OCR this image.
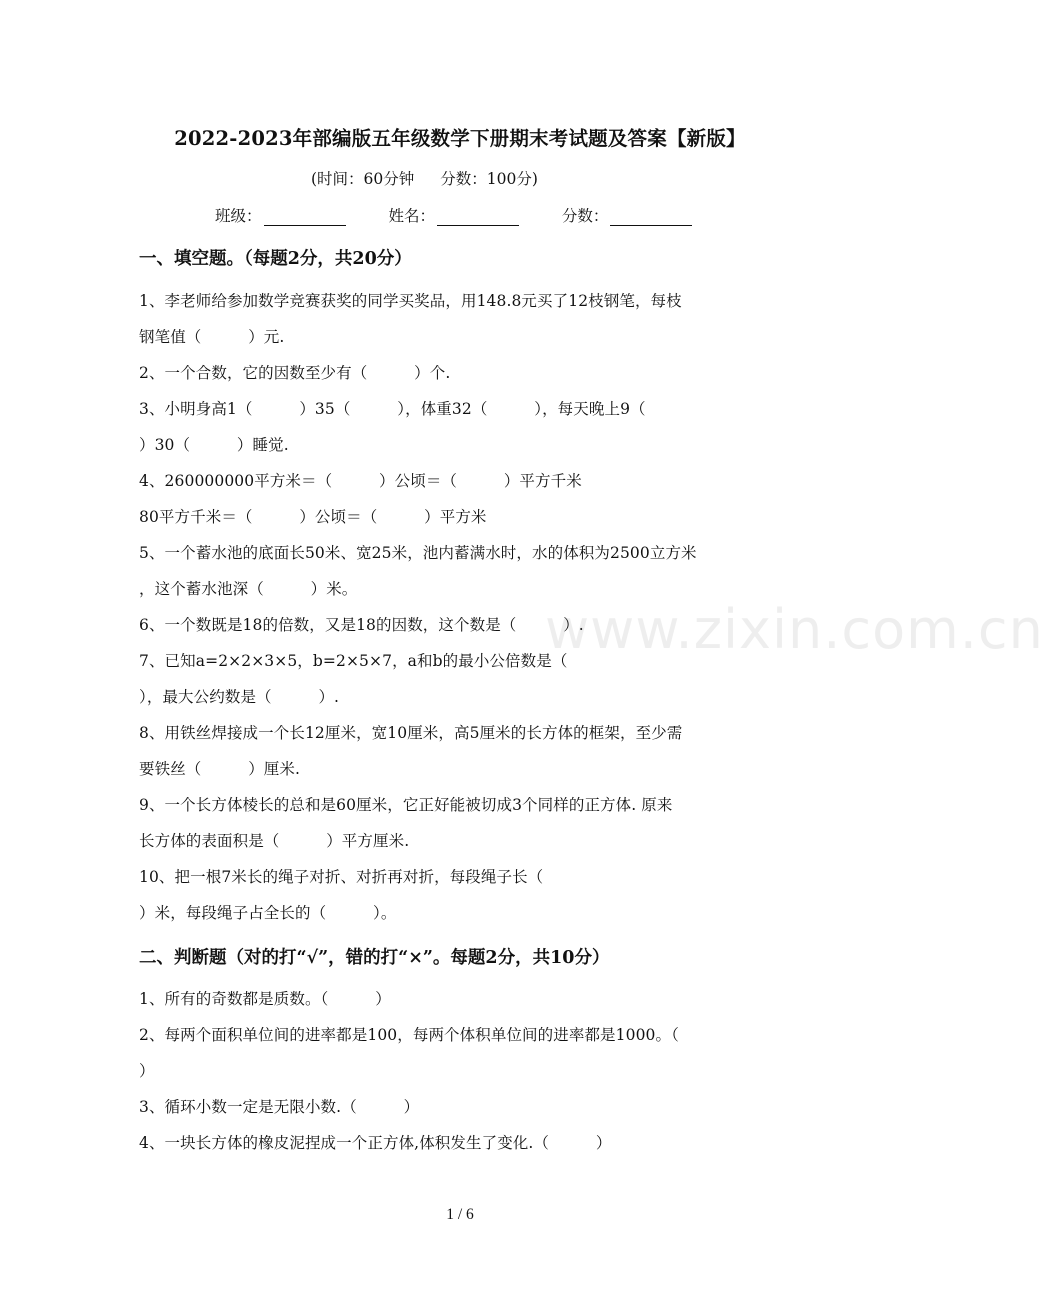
2022-2023年部编版五年级数学下册期末考试题及答案【新版】
(时间：60分钟 分数：100分)
班级：	姓名：	分数：
一、填空题。（每题2分，共20分）
1、李老师给参加数学竞赛获奖的同学买奖品，用148.8元买了12枝钢笔，每枝
钢笔值（　　　）元.
2、一个合数，它的因数至少有（　　　）个.
3、小明身高1（　　　）35（　　　），体重32（　　　），每天晚上9（
）30（　　　）睡觉.
4、260000000平方米＝（　　　）公顷＝（　　　）平方千米
80平方千米＝（　　　）公顷＝（　　　）平方米
5、一个蓄水池的底面长50米、宽25米，池内蓄满水时，水的体积为2500立方米
，这个蓄水池深（　　　）米。
6、一个数既是18的倍数，又是18的因数，这个数是（　　　）.
7、已知a=2×2×3×5，b=2×5×7，a和b的最小公倍数是（
），最大公约数是（　　　）.
8、用铁丝焊接成一个长12厘米，宽10厘米，高5厘米的长方体的框架，至少需
要铁丝（　　　）厘米.
9、一个长方体棱长的总和是60厘米，它正好能被切成3个同样的正方体. 原来
长方体的表面积是（　　　）平方厘米.
10、把一根7米长的绳子对折、对折再对折，每段绳子长（
）米，每段绳子占全长的（　　　）。
二、判断题（对的打“√”，错的打“×”。每题2分，共10分）
1、所有的奇数都是质数。（　　　）
2、每两个面积单位间的进率都是100，每两个体积单位间的进率都是1000。（
）
3、循环小数一定是无限小数.（　　　）
4、一块长方体的橡皮泥捏成一个正方体,体积发生了变化.（　　　）
www.zixin.com.cn
1 / 6
